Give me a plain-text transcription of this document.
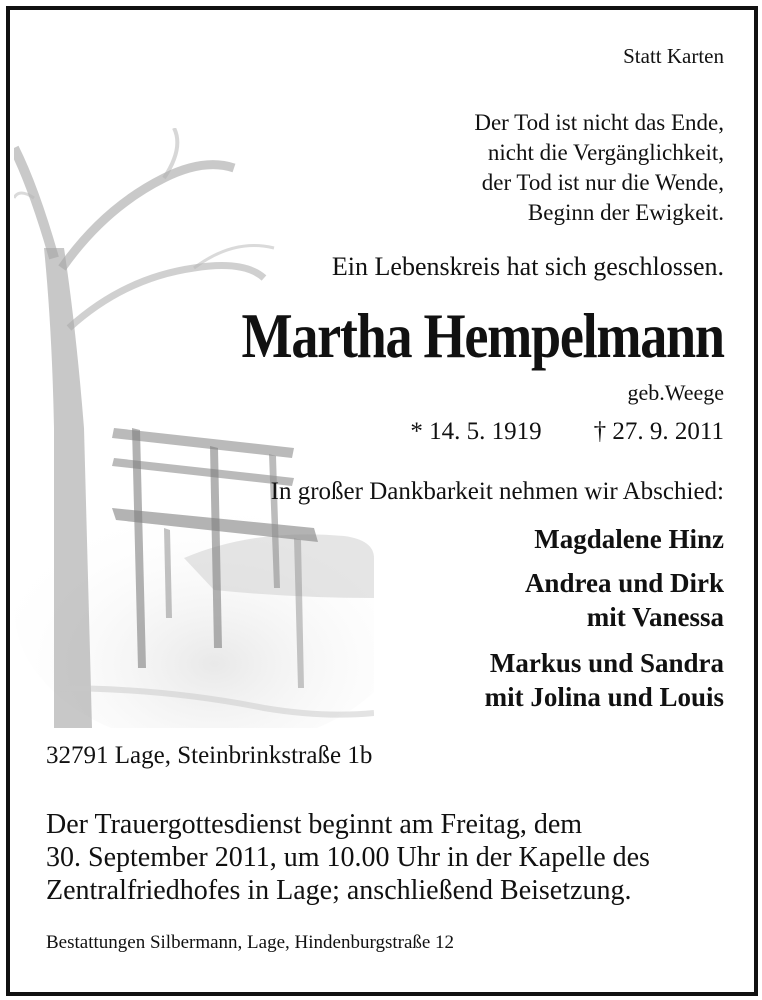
Statt Karten
Der Tod ist nicht das Ende,
nicht die Vergänglichkeit,
der Tod ist nur die Wende,
Beginn der Ewigkeit.
Ein Lebenskreis hat sich geschlossen.
Martha Hempelmann
geb.Weege
* 14. 5. 1919 † 27. 9. 2011
In großer Dankbarkeit nehmen wir Abschied:
Magdalene Hinz
Andrea und Dirk
mit Vanessa
Markus und Sandra
mit Jolina und Louis
32791 Lage, Steinbrinkstraße 1b
Der Trauergottesdienst beginnt am Freitag, dem
30. September 2011, um 10.00 Uhr in der Kapelle des
Zentralfriedhofes in Lage; anschließend Beisetzung.
Bestattungen Silbermann, Lage, Hindenburgstraße 12
